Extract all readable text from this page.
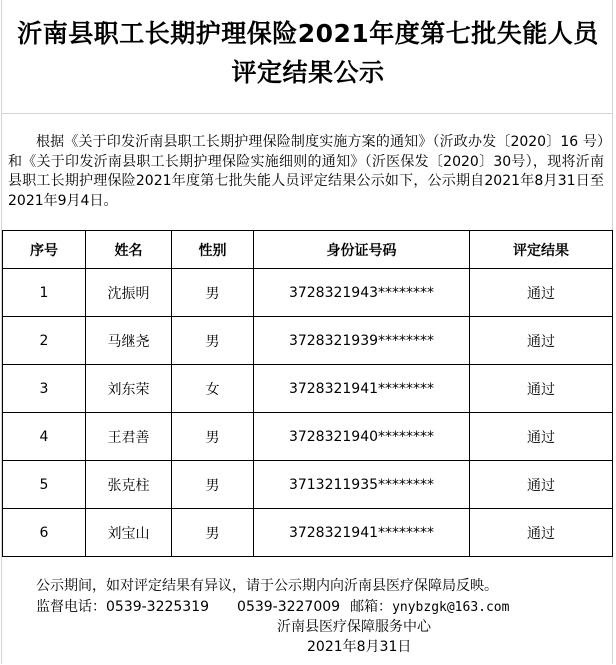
沂南县职工长期护理保险2021年度第七批失能人员评定结果公示
根据《关于印发沂南县职工长期护理保险制度实施方案的通知》（沂政办发〔2020〕16 号）和《关于印发沂南县职工长期护理保险实施细则的通知》（沂医保发〔2020〕30号），现将沂南县职工长期护理保险2021年度第七批失能人员评定结果公示如下，公示期自2021年8月31日至2021年9月4日。
序号	姓名	性别	身份证号码	评定结果
1	沈振明	男	3728321943********	通过
2	马继尧	男	3728321939********	通过
3	刘东荣	女	3728321941********	通过
4	王君善	男	3728321940********	通过
5	张克柱	男	3713211935********	通过
6	刘宝山	男	3728321941********	通过
公示期间，如对评定结果有异议，请于公示期内向沂南县医疗保障局反映。
监督电话：0539-3225319 0539-3227009 邮箱：ynybzgk@163.com
沂南县医疗保障服务中心
2021年8月31日
